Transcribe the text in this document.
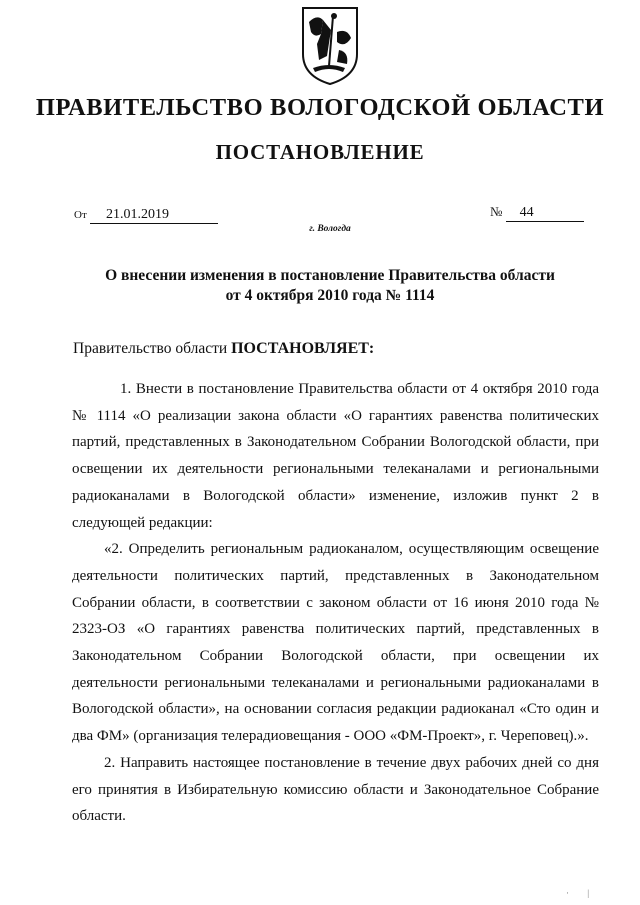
ПРАВИТЕЛЬСТВО ВОЛОГОДСКОЙ ОБЛАСТИ
ПОСТАНОВЛЕНИЕ
От 21.01.2019	№ 44
г. Вологда
О внесении изменения в постановление Правительства области
от 4 октября 2010 года № 1114
Правительство области ПОСТАНОВЛЯЕТ:

1. Внести в постановление Правительства области от 4 октября 2010 года № 1114 «О реализации закона области «О гарантиях равенства политических партий, представленных в Законодательном Собрании Вологодской области, при освещении их деятельности региональными телеканалами и региональными радиоканалами в Вологодской области» изменение, изложив пункт 2 в следующей редакции:

«2. Определить региональным радиоканалом, осуществляющим освещение деятельности политических партий, представленных в Законодательном Собрании области, в соответствии с законом области от 16 июня 2010 года № 2323-ОЗ «О гарантиях равенства политических партий, представленных в Законодательном Собрании Вологодской области, при освещении их деятельности региональными телеканалами и региональными радиоканалами в Вологодской области», на основании согласия редакции радиоканал «Сто один и два ФМ» (организация телерадиовещания - ООО «ФМ-Проект», г. Череповец).».

2. Направить настоящее постановление в течение двух рабочих дней со дня его принятия в Избирательную комиссию области и Законодательное Собрание области.

· |
